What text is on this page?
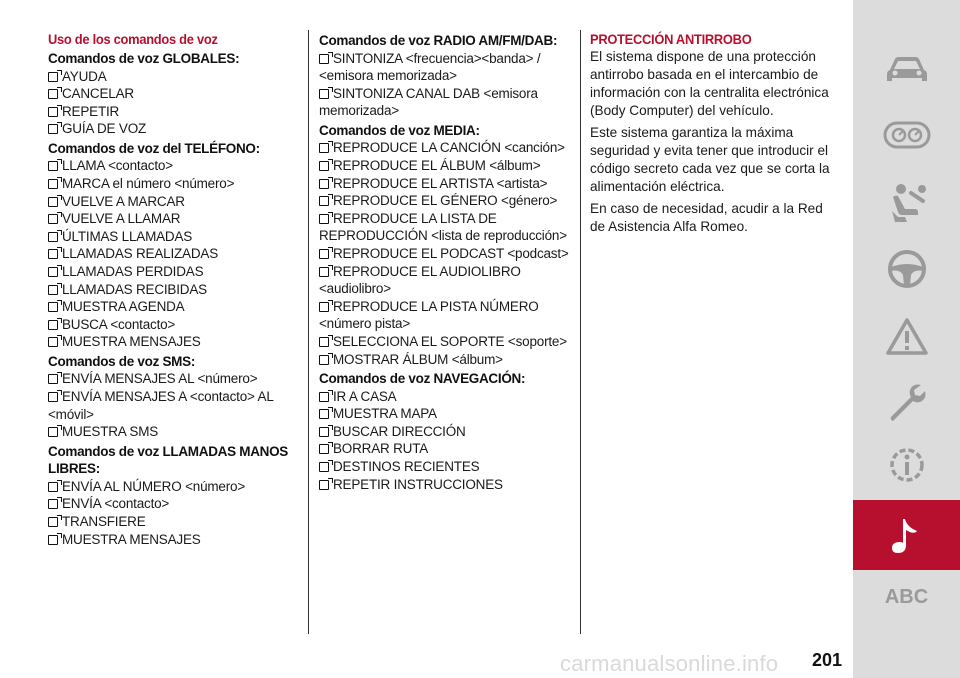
Uso de los comandos de voz
Comandos de voz GLOBALES:
AYUDA
CANCELAR
REPETIR
GUÍA DE VOZ
Comandos de voz del TELÉFONO:
LLAMA <contacto>
MARCA el número <número>
VUELVE A MARCAR
VUELVE A LLAMAR
ÚLTIMAS LLAMADAS
LLAMADAS REALIZADAS
LLAMADAS PERDIDAS
LLAMADAS RECIBIDAS
MUESTRA AGENDA
BUSCA <contacto>
MUESTRA MENSAJES
Comandos de voz SMS:
ENVÍA MENSAJES AL <número>
ENVÍA MENSAJES A <contacto> AL <móvil>
MUESTRA SMS
Comandos de voz LLAMADAS MANOS LIBRES:
ENVÍA AL NÚMERO <número>
ENVÍA <contacto>
TRANSFIERE
MUESTRA MENSAJES
Comandos de voz RADIO AM/FM/DAB:
SINTONIZA <frecuencia><banda> / <emisora memorizada>
SINTONIZA CANAL DAB <emisora memorizada>
Comandos de voz MEDIA:
REPRODUCE LA CANCIÓN <canción>
REPRODUCE EL ÁLBUM <álbum>
REPRODUCE EL ARTISTA <artista>
REPRODUCE EL GÉNERO <género>
REPRODUCE LA LISTA DE REPRODUCCIÓN <lista de reproducción>
REPRODUCE EL PODCAST <podcast>
REPRODUCE EL AUDIOLIBRO <audiolibro>
REPRODUCE LA PISTA NÚMERO <número pista>
SELECCIONA EL SOPORTE <soporte>
MOSTRAR ÁLBUM <álbum>
Comandos de voz NAVEGACIÓN:
IR A CASA
MUESTRA MAPA
BUSCAR DIRECCIÓN
BORRAR RUTA
DESTINOS RECIENTES
REPETIR INSTRUCCIONES
PROTECCIÓN ANTIRROBO
El sistema dispone de una protección antirrobo basada en el intercambio de información con la centralita electrónica (Body Computer) del vehículo.
Este sistema garantiza la máxima seguridad y evita tener que introducir el código secreto cada vez que se corta la alimentación eléctrica.
En caso de necesidad, acudir a la Red de Asistencia Alfa Romeo.
ABC
carmanualsonline.info 201
